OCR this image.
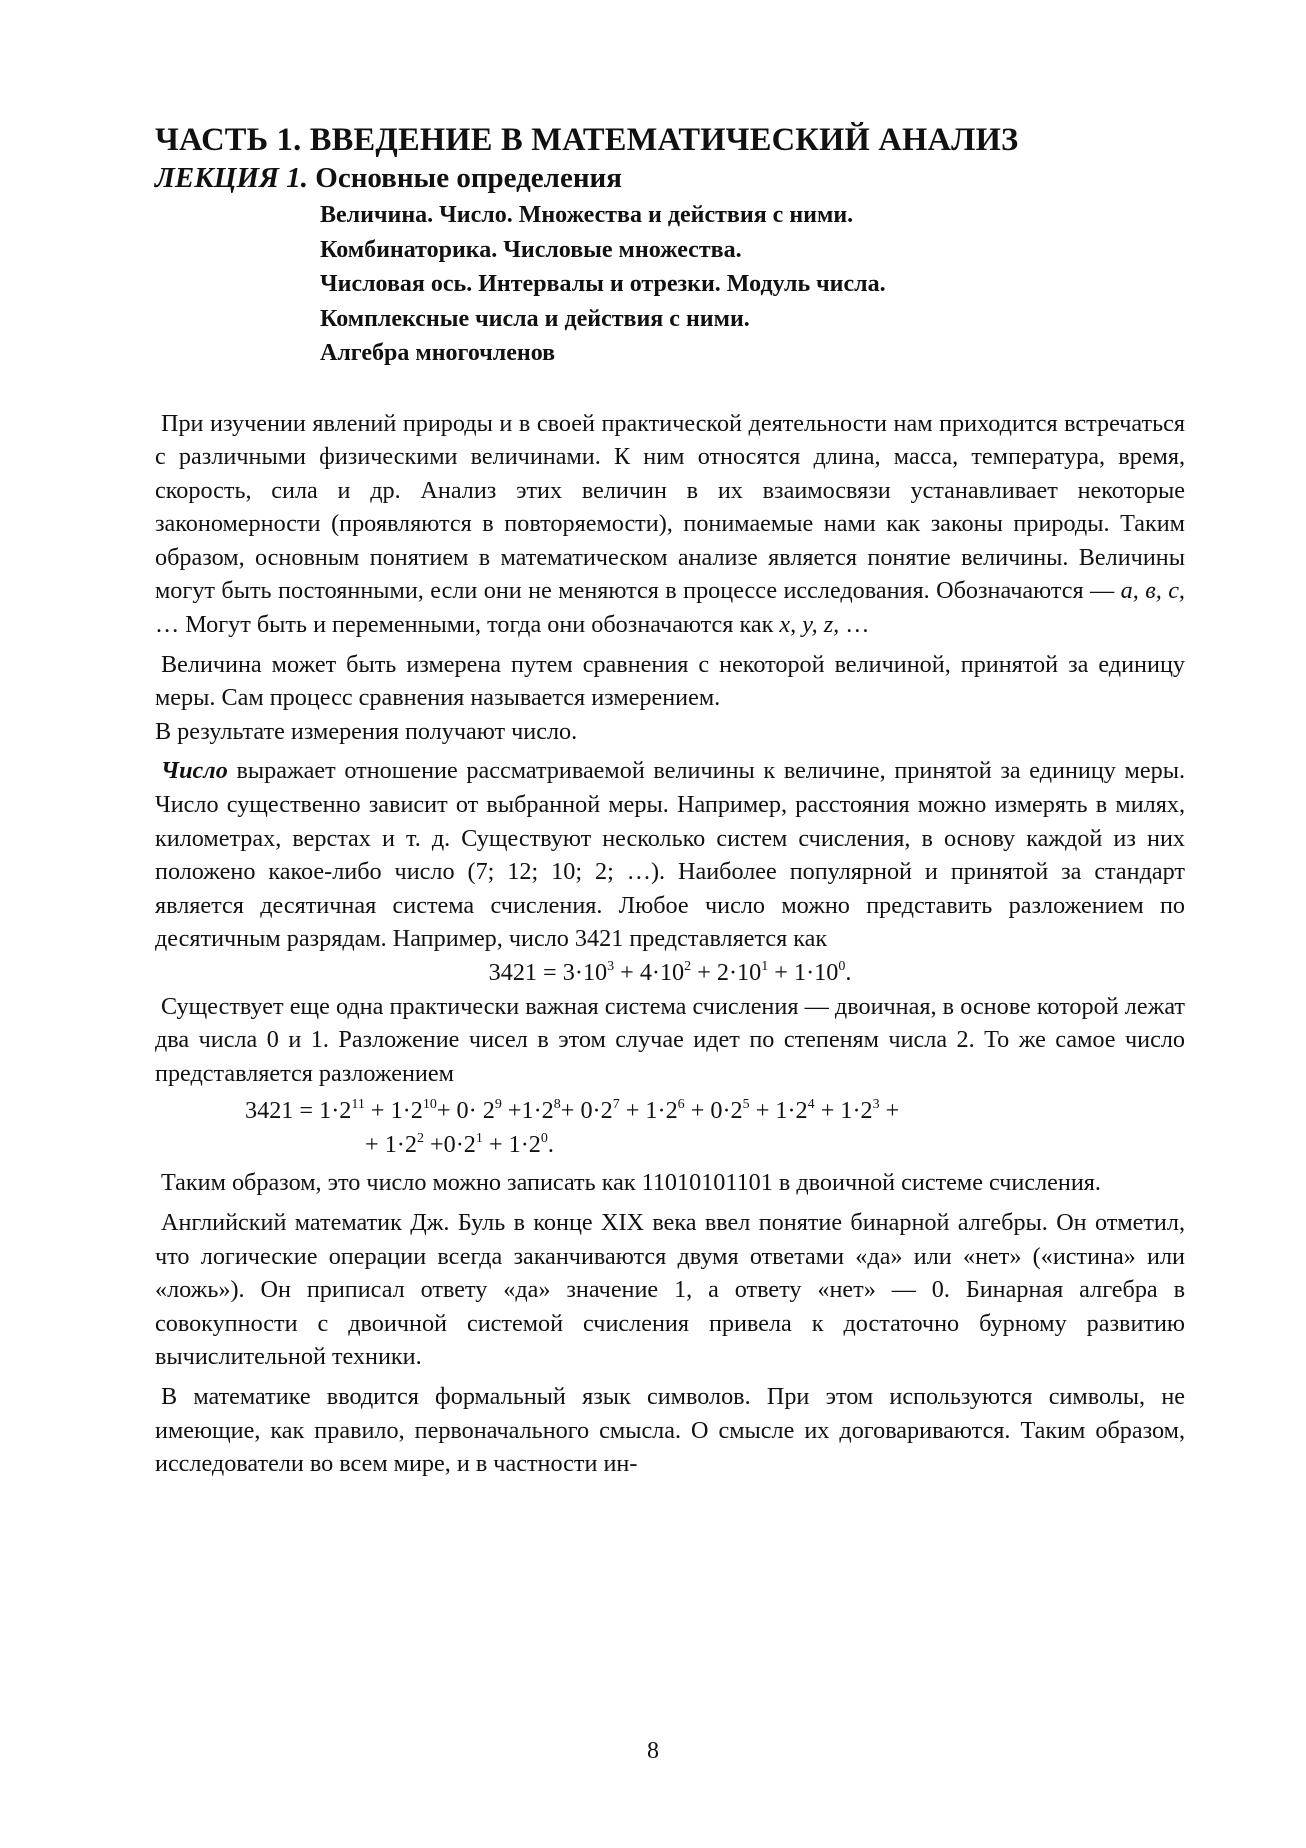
ЧАСТЬ 1. ВВЕДЕНИЕ В МАТЕМАТИЧЕСКИЙ АНАЛИЗ
ЛЕКЦИЯ 1. Основные определения
Величина. Число. Множества и действия с ними.
Комбинаторика. Числовые множества.
Числовая ось. Интервалы и отрезки. Модуль числа.
Комплексные числа и действия с ними.
Алгебра многочленов

При изучении явлений природы и в своей практической деятельности нам приходится встречаться с различными физическими величинами. К ним относятся длина, масса, температура, время, скорость, сила и др. Анализ этих величин в их взаимосвязи устанавливает некоторые закономерности (проявляются в повторяемости), понимаемые нами как законы природы. Таким образом, основным понятием в математическом анализе является понятие величины. Величины могут быть постоянными, если они не меняются в процессе исследования. Обозначаются — а, в, с, … Могут быть и переменными, тогда они обозначаются как x, y, z, …

Величина может быть измерена путем сравнения с некоторой величиной, принятой за единицу меры. Сам процесс сравнения называется измерением.

В результате измерения получают число.

Число выражает отношение рассматриваемой величины к величине, принятой за единицу меры. Число существенно зависит от выбранной меры. Например, расстояния можно измерять в милях, километрах, верстах и т. д. Существуют несколько систем счисления, в основу каждой из них положено какое-либо число (7; 12; 10; 2; …). Наиболее популярной и принятой за стандарт является десятичная система счисления. Любое число можно представить разложением по десятичным разрядам. Например, число 3421 представляется как

$3421 = 3\cdot 10^3 + 4\cdot 10^2 + 2\cdot 10^1 + 1\cdot 10^0$.

Существует еще одна практически важная система счисления — двоичная, в основе которой лежат два числа 0 и 1. Разложение чисел в этом случае идет по степеням числа 2. То же самое число представляется разложением

$3421 = 1\cdot 2^{11} + 1\cdot 2^{10}+ 0\cdot 2^9 +1\cdot 2^8+ 0\cdot 2^7 + 1\cdot 2^6 + 0\cdot 2^5 + 1\cdot 2^4 + 1\cdot 2^3$ +
+ $1\cdot 2^2 +0\cdot 2^1 + 1\cdot 2^0$.

Таким образом, это число можно записать как 11010101101 в двоичной системе счисления.

Английский математик Дж. Буль в конце XIX века ввел понятие бинарной алгебры. Он отметил, что логические операции всегда заканчиваются двумя ответами «да» или «нет» («истина» или «ложь»). Он приписал ответу «да» значение 1, а ответу «нет» — 0. Бинарная алгебра в совокупности с двоичной системой счисления привела к достаточно бурному развитию вычислительной техники.

В математике вводится формальный язык символов. При этом используются символы, не имеющие, как правило, первоначального смысла. О смысле их договариваются. Таким образом, исследователи во всем мире, и в частности ин-

8
